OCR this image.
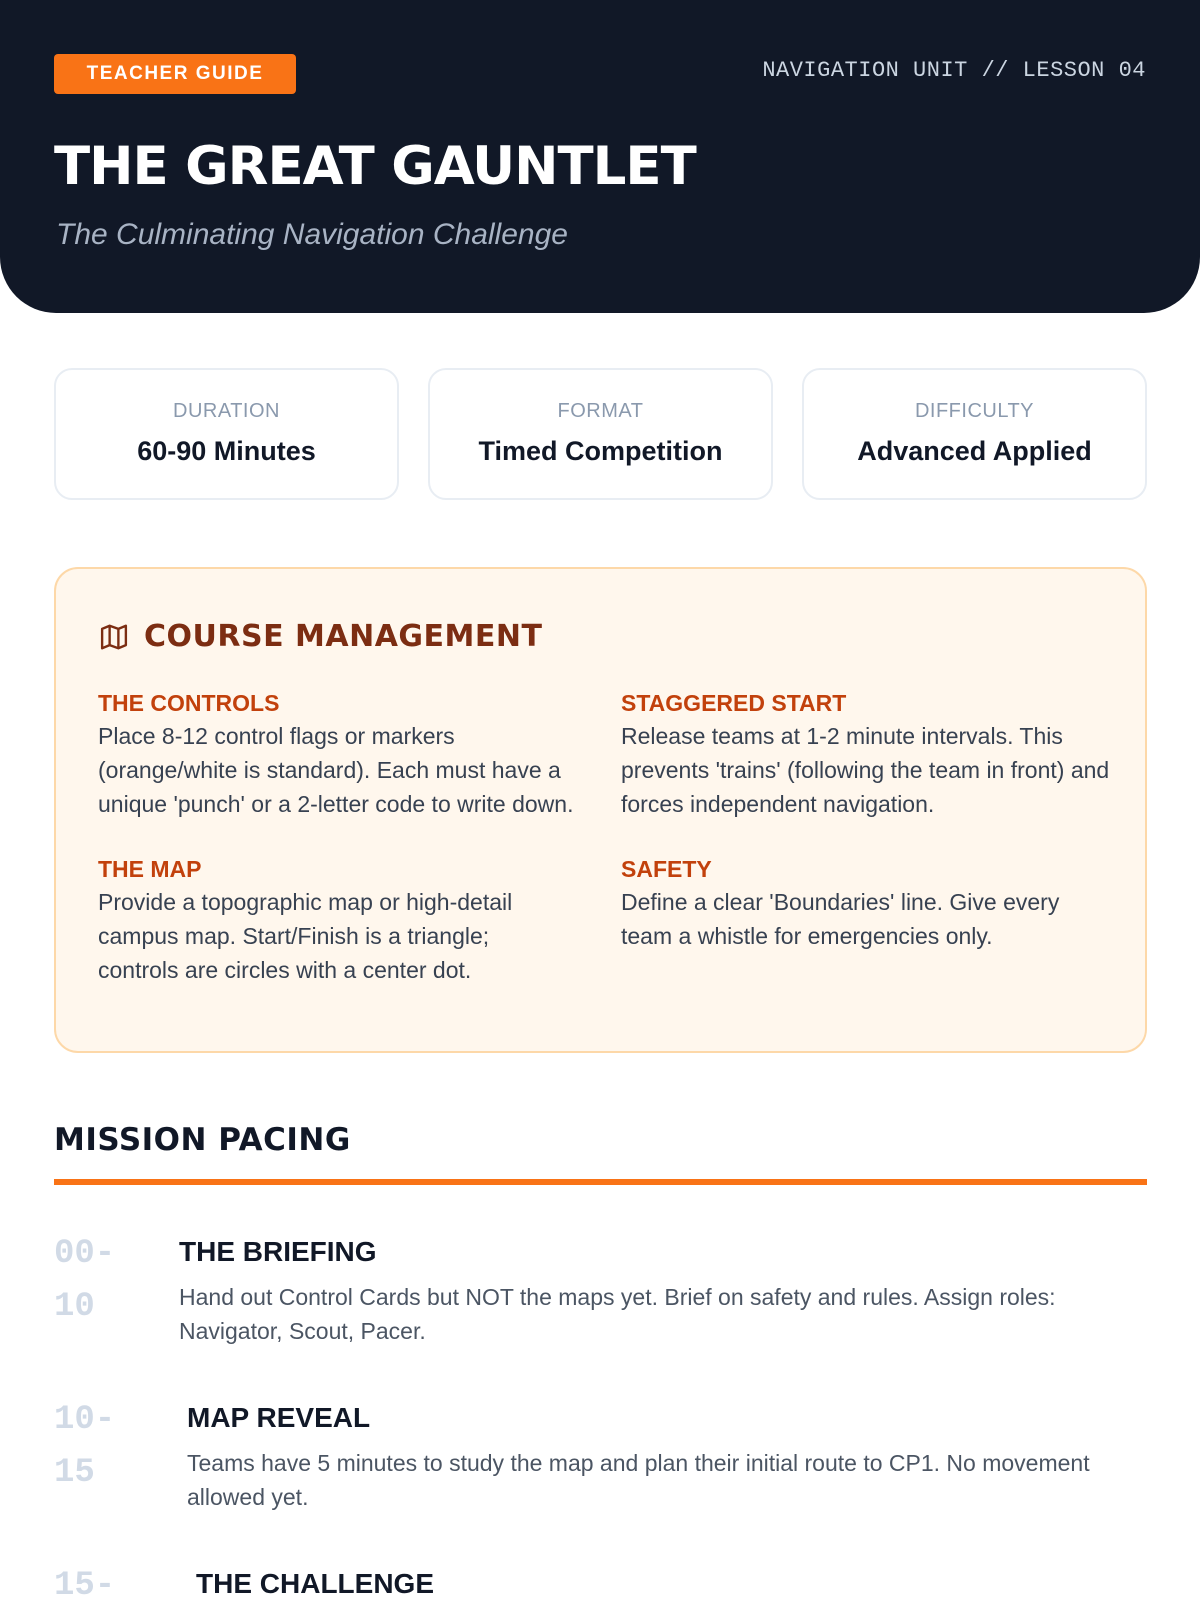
TEACHER GUIDE	NAVIGATION UNIT // LESSON 04
THE GREAT GAUNTLET
The Culminating Navigation Challenge
DURATION
60-90 Minutes
FORMAT
Timed Competition
DIFFICULTY
Advanced Applied
COURSE MANAGEMENT
THE CONTROLS
Place 8-12 control flags or markers (orange/white is standard). Each must have a unique 'punch' or a 2-letter code to write down.
THE MAP
Provide a topographic map or high-detail campus map. Start/Finish is a triangle; controls are circles with a center dot.
STAGGERED START
Release teams at 1-2 minute intervals. This prevents 'trains' (following the team in front) and forces independent navigation.
SAFETY
Define a clear 'Boundaries' line. Give every team a whistle for emergencies only.
MISSION PACING
00-
10
THE BRIEFING
Hand out Control Cards but NOT the maps yet. Brief on safety and rules. Assign roles: Navigator, Scout, Pacer.
10-
15
MAP REVEAL
Teams have 5 minutes to study the map and plan their initial route to CP1. No movement allowed yet.
15-	THE CHALLENGE
